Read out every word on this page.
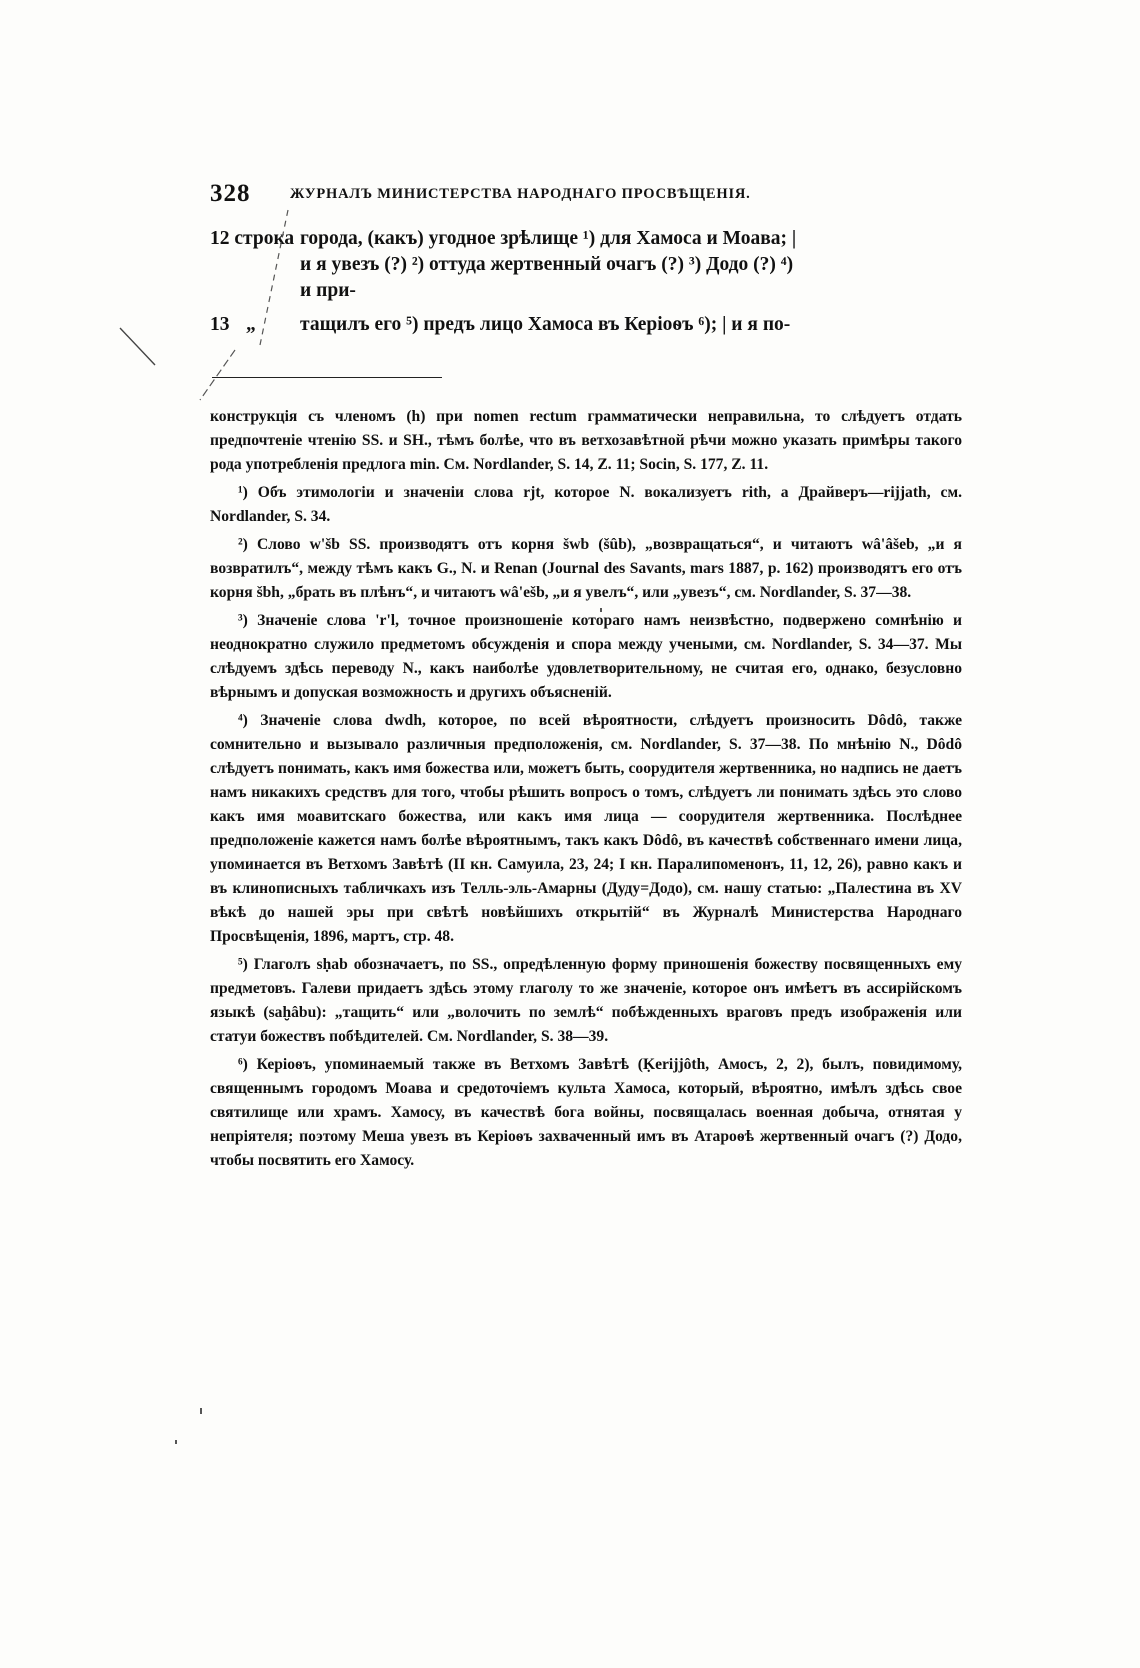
328	ЖУРНАЛЪ МИНИСТЕРСТВА НАРОДНАГО ПРОСВѢЩЕНІЯ.
12 строка города, (какъ) угодное зрѣлище ¹) для Хамоса и Моава; |
и я увезъ (?) ²) оттуда жертвенный очагъ (?) ³) Додо (?) ⁴)
и при-
13 „ тащилъ его ⁵) предъ лицо Хамоса въ Керіоѳъ ⁶); | и я по-

конструкція съ членомъ (h) при nomen rectum грамматически неправильна, то слѣдуетъ отдать предпочтеніе чтенію SS. и SH., тѣмъ болѣе, что въ ветхозавѣтной рѣчи можно указать примѣры такого рода употребленія предлога min. См. Nordlander, S. 14, Z. 11; Socin, S. 177, Z. 11.

¹) Объ этимологіи и значеніи слова rjt, которое N. вокализуетъ rith, а Драйверъ—rijjath, см. Nordlander, S. 34.

²) Слово w'šb SS. производятъ отъ корня šwb (šûb), „возвращаться“, и читаютъ wâ'âšeb, „и я возвратилъ“, между тѣмъ какъ G., N. и Renan (Journal des Savants, mars 1887, p. 162) производятъ его отъ корня šbh, „брать въ плѣнъ“, и читаютъ wâ'ešb, „и я увелъ“, или „увезъ“, см. Nordlander, S. 37—38.

³) Значеніе слова 'r'l, точное произношеніе котораго намъ неизвѣстно, подвержено сомнѣнію и неоднократно служило предметомъ обсужденія и спора между учеными, см. Nordlander, S. 34—37. Мы слѣдуемъ здѣсь переводу N., какъ наиболѣе удовлетворительному, не считая его, однако, безусловно вѣрнымъ и допуская возможность и другихъ объясненій.

⁴) Значеніе слова dwdh, которое, по всей вѣроятности, слѣдуетъ произносить Dôdô, также сомнительно и вызывало различныя предположенія, см. Nordlander, S. 37—38. По мнѣнію N., Dôdô слѣдуетъ понимать, какъ имя божества или, можетъ быть, соорудителя жертвенника, но надпись не даетъ намъ никакихъ средствъ для того, чтобы рѣшить вопросъ о томъ, слѣдуетъ ли понимать здѣсь это слово какъ имя моавитскаго божества, или какъ имя лица — соорудителя жертвенника. Послѣднее предположеніе кажется намъ болѣе вѣроятнымъ, такъ какъ Dôdô, въ качествѣ собственнаго имени лица, упоминается въ Ветхомъ Завѣтѣ (II кн. Самуила, 23, 24; I кн. Паралипоменонъ, 11, 12, 26), равно какъ и въ клинописныхъ табличкахъ изъ Телль-эль-Амарны (Дуду=Додо), см. нашу статью: „Палестина въ XV вѣкѣ до нашей эры при свѣтѣ новѣйшихъ открытій“ въ Журналѣ Министерства Народнаго Просвѣщенія, 1896, мартъ, стр. 48.

⁵) Глаголъ sḥab обозначаетъ, по SS., опредѣленную форму приношенія божеству посвященныхъ ему предметовъ. Галеви придаетъ здѣсь этому глаголу то же значеніе, которое онъ имѣетъ въ ассирійскомъ языкѣ (saḫâbu): „тащить“ или „волочить по землѣ“ побѣжденныхъ враговъ предъ изображенія или статуи божествъ побѣдителей. См. Nordlander, S. 38—39.

⁶) Керіоѳъ, упоминаемый также въ Ветхомъ Завѣтѣ (Ḳerijjôth, Амосъ, 2, 2), былъ, повидимому, священнымъ городомъ Моава и средоточіемъ культа Хамоса, который, вѣроятно, имѣлъ здѣсь свое святилище или храмъ. Хамосу, въ качествѣ бога войны, посвящалась военная добыча, отнятая у непріятеля; поэтому Меша увезъ въ Керіоѳъ захваченный имъ въ Атароѳѣ жертвенный очагъ (?) Додо, чтобы посвятить его Хамосу.
